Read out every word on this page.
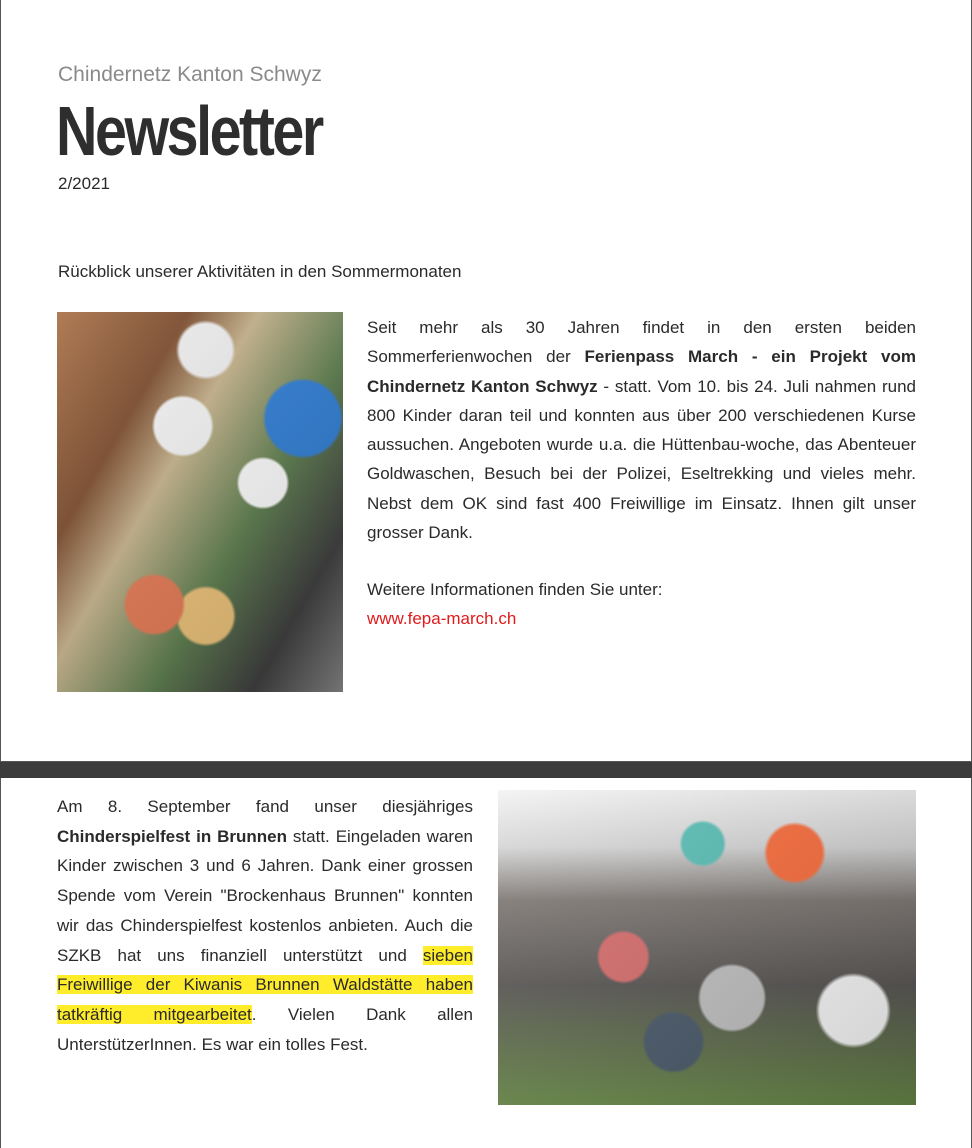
Chindernetz Kanton Schwyz
Newsletter
2/2021
Rückblick unserer Aktivitäten in den Sommermonaten

Seit mehr als 30 Jahren findet in den ersten beiden Sommerferienwochen der Ferienpass March - ein Projekt vom Chindernetz Kanton Schwyz - statt. Vom 10. bis 24. Juli nahmen rund 800 Kinder daran teil und konnten aus über 200 verschiedenen Kurse aussuchen. Angeboten wurde u.a. die Hüttenbau-woche, das Abenteuer Goldwaschen, Besuch bei der Polizei, Eseltrekking und vieles mehr. Nebst dem OK sind fast 400 Freiwillige im Einsatz. Ihnen gilt unser grosser Dank.

Weitere Informationen finden Sie unter:
www.fepa-march.ch

Am 8. September fand unser diesjähriges Chinderspielfest in Brunnen statt. Eingeladen waren Kinder zwischen 3 und 6 Jahren. Dank einer grossen Spende vom Verein "Brockenhaus Brunnen" konnten wir das Chinderspielfest kostenlos anbieten. Auch die SZKB hat uns finanziell unterstützt und sieben Freiwillige der Kiwanis Brunnen Waldstätte haben tatkräftig mitgearbeitet. Vielen Dank allen UnterstützerInnen. Es war ein tolles Fest.
